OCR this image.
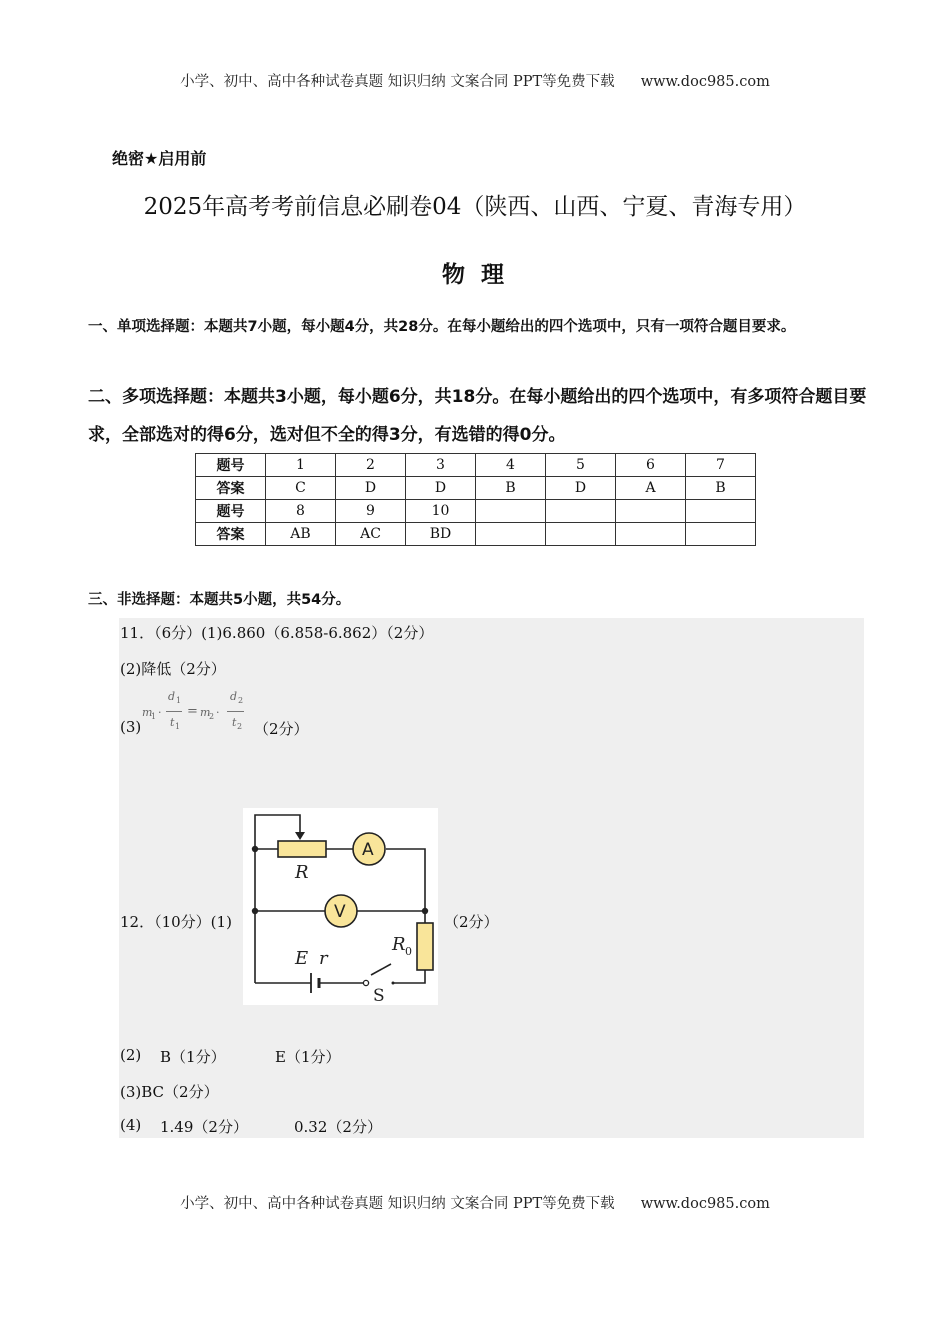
小学、初中、高中各种试卷真题 知识归纳 文案合同 PPT等免费下载 www.doc985.com
绝密★启用前
2025年高考考前信息必刷卷04（陕西、山西、宁夏、青海专用）
物 理
一、单项选择题：本题共7小题，每小题4分，共28分。在每小题给出的四个选项中，只有一项符合题目要求。
二、多项选择题：本题共3小题，每小题6分，共18分。在每小题给出的四个选项中，有多项符合题目要求，全部选对的得6分，选对但不全的得3分，有选错的得0分。
题号	1	2	3	4	5	6	7
答案	C	D	D	B	D	A	B
题号	8	9	10				
答案	AB	AC	BD				
三、非选择题：本题共5小题，共54分。
11．（6分）(1)6.860（6.858-6.862）（2分）
(2)降低（2分）
(3)
m
1 ·
d 1
t 1
= m
2 ·
d 2
t 2 （2分）
12．（10分）(1)
R
A
V
E r
R 0
S
（2分）
(2) B（1分）	E（1分）
(3)BC（2分）
(4) 1.49（2分）	0.32（2分）
小学、初中、高中各种试卷真题 知识归纳 文案合同 PPT等免费下载 www.doc985.com
